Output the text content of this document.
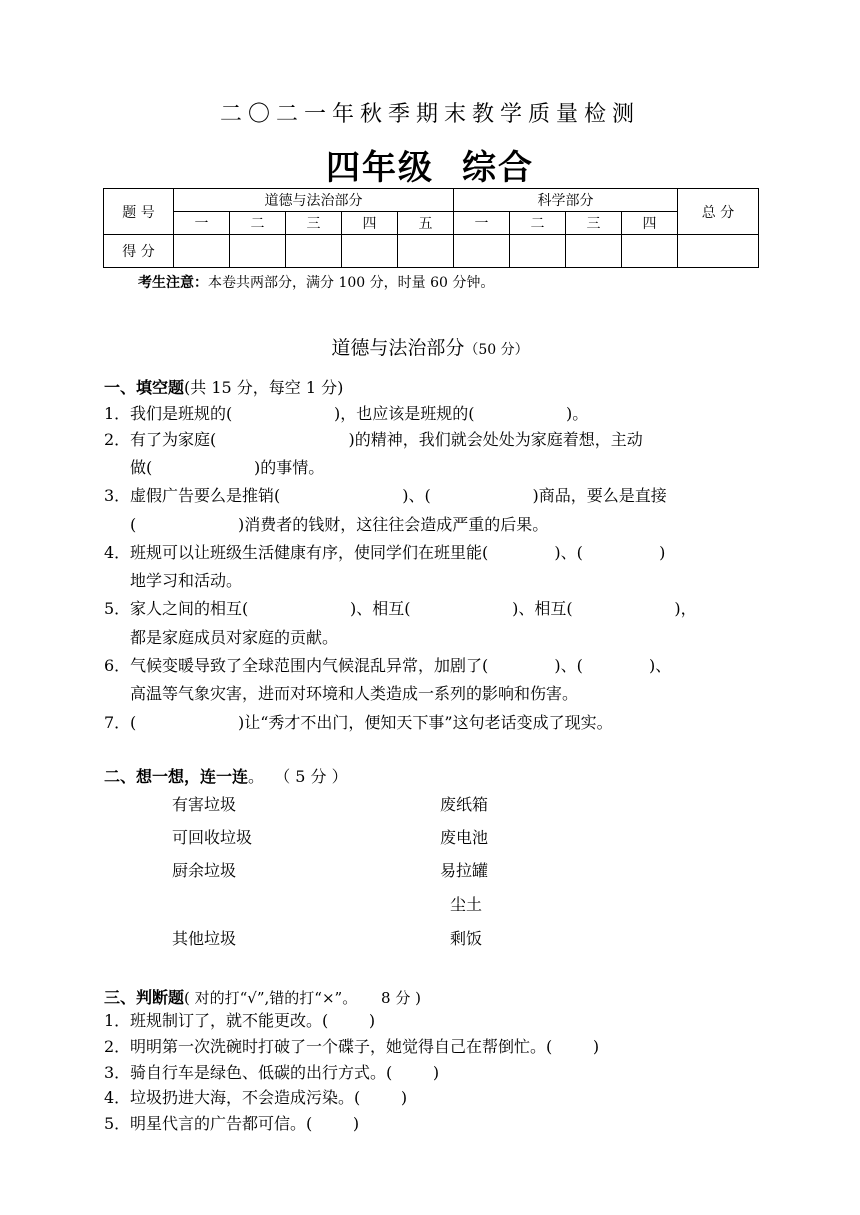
二〇二一年秋季期末教学质量检测
四年级 综合
题 号	道德与法治部分					科学部分				总 分
	一	二	三	四	五	一	二	三	四	
得 分										
考生注意：本卷共两部分，满分 100 分，时量 60 分钟。
道德与法治部分（50 分）
一、填空题(共 15 分，每空 1 分)
1．我们是班规的(                    )，也应该是班规的(                  )。
2．有了为家庭(                          )的精神，我们就会处处为家庭着想，主动
做(                    )的事情。
3．虚假广告要么是推销(                        )、(                    )商品，要么是直接
(                    )消费者的钱财，这往往会造成严重的后果。
4．班规可以让班级生活健康有序，使同学们在班里能(             )、(               )
地学习和活动。
5．家人之间的相互(                    )、相互(                    )、相互(                    )，
都是家庭成员对家庭的贡献。
6．气候变暖导致了全球范围内气候混乱异常，加剧了(             )、(             )、
高温等气象灾害，进而对环境和人类造成一系列的影响和伤害。
7．(                    )让“秀才不出门，便知天下事”这句老话变成了现实。
二、想一想，连一连。  （ 5 分 ）
有害垃圾
可回收垃圾
厨余垃圾
其他垃圾
废纸箱
废电池
易拉罐
尘土
剩饭
三、判断题( 对的打“√”,错的打“×”。     8 分 )
1．班规制订了，就不能更改。(        )
2．明明第一次洗碗时打破了一个碟子，她觉得自己在帮倒忙。(        )
3．骑自行车是绿色、低碳的出行方式。(        )
4．垃圾扔进大海，不会造成污染。(        )
5．明星代言的广告都可信。(        )
